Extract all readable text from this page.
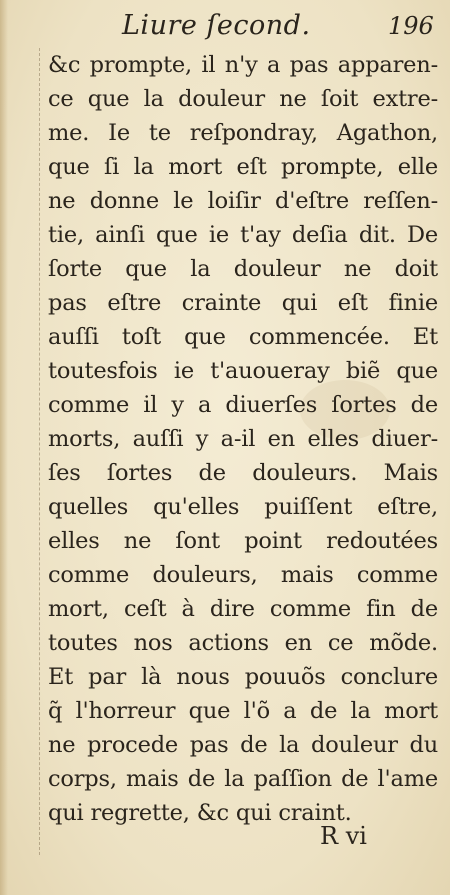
Liure ſecond.	196
&c prompte, il n'y a pas apparen-
ce que la douleur ne ſoit extre-
me. Ie te reſpondray, Agathon,
que ſi la mort eſt prompte, elle
ne donne le loiſir d'eſtre reſſen-
tie, ainſi que ie t'ay deſia dit. De
ſorte que la douleur ne doit
pas eſtre crainte qui eſt finie
auſſi toſt que commencée. Et
toutesfois ie t'auoueray biẽ que
comme il y a diuerſes ſortes de
morts, auſſi y a-il en elles diuer-
ſes ſortes de douleurs. Mais
quelles qu'elles puiſſent eſtre,
elles ne ſont point redoutées
comme douleurs, mais comme
mort, ceſt à dire comme fin de
toutes nos actions en ce mõde.
Et par là nous pouuõs conclure
q̃ l'horreur que l'õ a de la mort
ne procede pas de la douleur du
corps, mais de la paſſion de l'ame
qui regrette, &c qui craint.
R vi
